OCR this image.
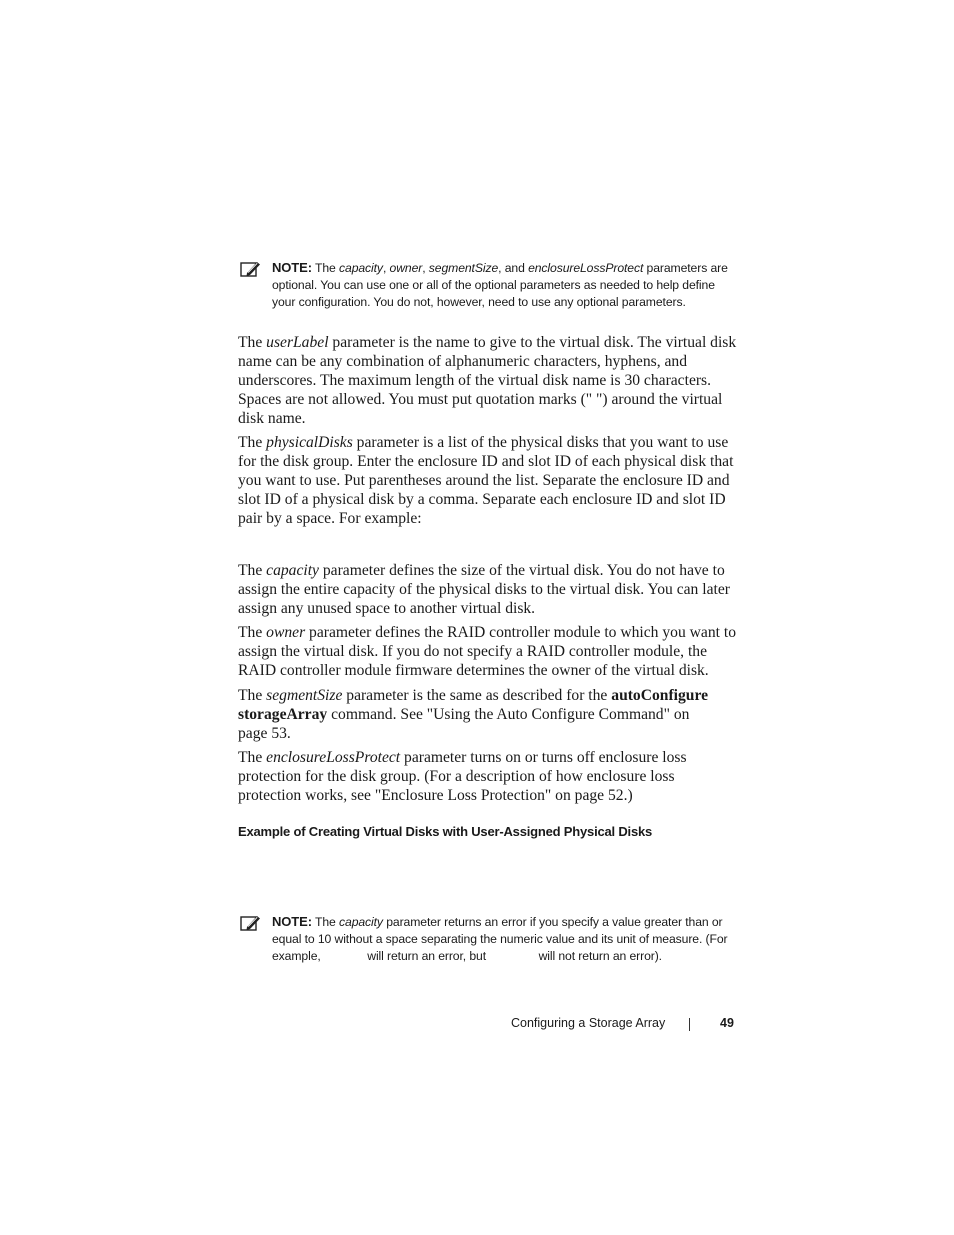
NOTE: The capacity, owner, segmentSize, and enclosureLossProtect parameters are optional. You can use one or all of the optional parameters as needed to help define your configuration. You do not, however, need to use any optional parameters.

The userLabel parameter is the name to give to the virtual disk. The virtual disk name can be any combination of alphanumeric characters, hyphens, and underscores. The maximum length of the virtual disk name is 30 characters. Spaces are not allowed. You must put quotation marks (" ") around the virtual disk name.

The physicalDisks parameter is a list of the physical disks that you want to use for the disk group. Enter the enclosure ID and slot ID of each physical disk that you want to use. Put parentheses around the list. Separate the enclosure ID and slot ID of a physical disk by a comma. Separate each enclosure ID and slot ID pair by a space. For example:

The capacity parameter defines the size of the virtual disk. You do not have to assign the entire capacity of the physical disks to the virtual disk. You can later assign any unused space to another virtual disk.

The owner parameter defines the RAID controller module to which you want to assign the virtual disk. If you do not specify a RAID controller module, the RAID controller module firmware determines the owner of the virtual disk.

The segmentSize parameter is the same as described for the autoConfigure
storageArray command. See "Using the Auto Configure Command" on
page 53.

The enclosureLossProtect parameter turns on or turns off enclosure loss protection for the disk group. (For a description of how enclosure loss protection works, see "Enclosure Loss Protection" on page 52.)

Example of Creating Virtual Disks with User-Assigned Physical Disks
NOTE: The capacity parameter returns an error if you specify a value greater than or equal to 10 without a space separating the numeric value and its unit of measure. (For example,	will return an error, but	will not return an error).
Configuring a Storage Array	49
